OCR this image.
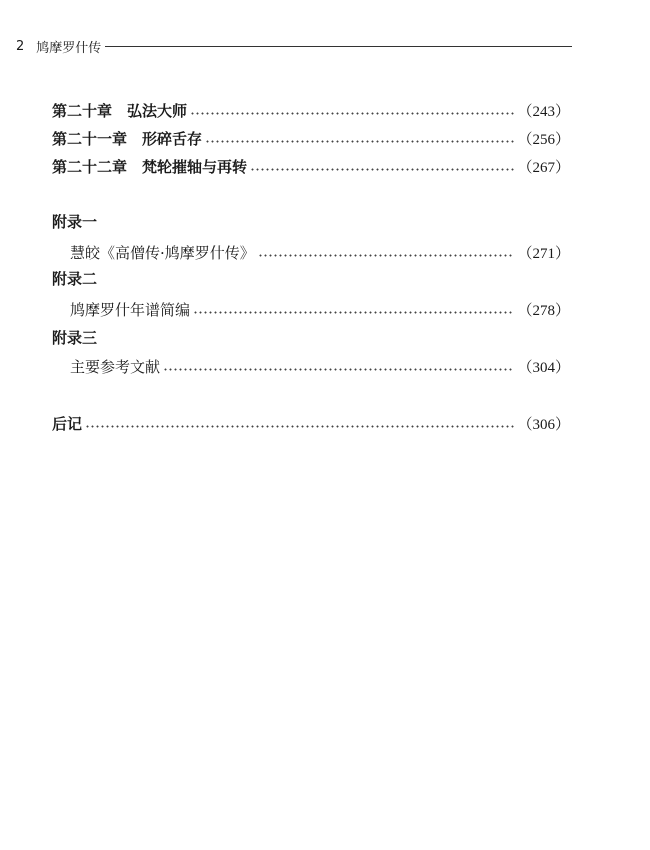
2 鸠摩罗什传
第二十章　弘法大师	（243）
第二十一章　形碎舌存	（256）
第二十二章　梵轮摧轴与再转	（267）
附录一
慧皎《高僧传·鸠摩罗什传》	（271）
附录二
鸠摩罗什年谱简编	（278）
附录三
主要参考文献	（304）
后记	（306）
